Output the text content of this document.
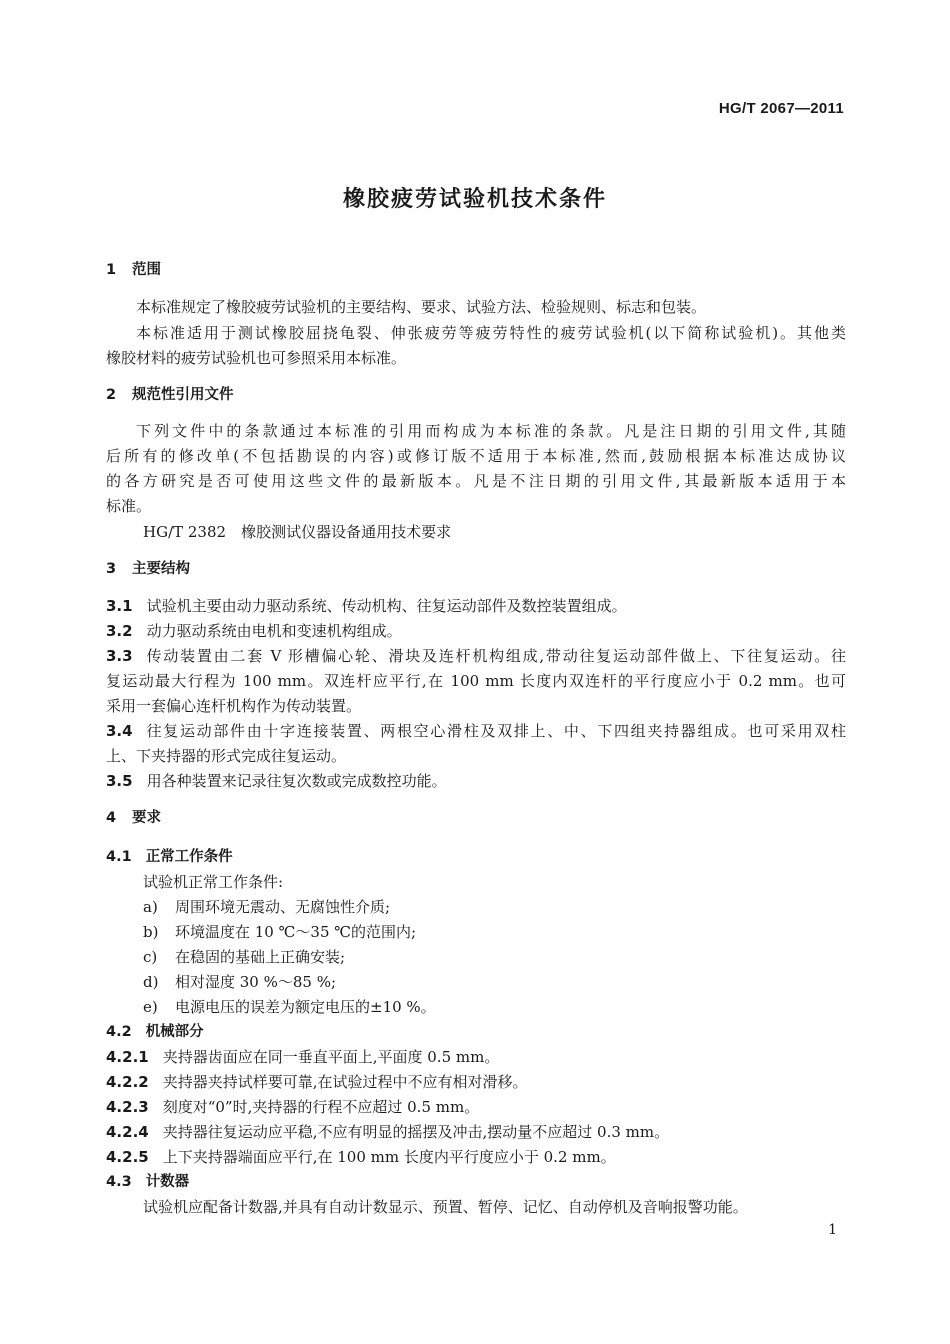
HG/T 2067—2011
橡胶疲劳试验机技术条件
1 范围
本标准规定了橡胶疲劳试验机的主要结构、要求、试验方法、检验规则、标志和包装。
本标准适用于测试橡胶屈挠龟裂、伸张疲劳等疲劳特性的疲劳试验机(以下简称试验机)。其他类
橡胶材料的疲劳试验机也可参照采用本标准。
2 规范性引用文件
下列文件中的条款通过本标准的引用而构成为本标准的条款。凡是注日期的引用文件,其随
后所有的修改单(不包括勘误的内容)或修订版不适用于本标准,然而,鼓励根据本标准达成协议
的各方研究是否可使用这些文件的最新版本。凡是不注日期的引用文件,其最新版本适用于本
标准。
HG/T 2382　橡胶测试仪器设备通用技术要求
3 主要结构
3.1 试验机主要由动力驱动系统、传动机构、往复运动部件及数控装置组成。
3.2 动力驱动系统由电机和变速机构组成。
3.3 传动装置由二套 V 形槽偏心轮、滑块及连杆机构组成,带动往复运动部件做上、下往复运动。往
复运动最大行程为 100 mm。双连杆应平行,在 100 mm 长度内双连杆的平行度应小于 0.2 mm。也可
采用一套偏心连杆机构作为传动装置。
3.4 往复运动部件由十字连接装置、两根空心滑柱及双排上、中、下四组夹持器组成。也可采用双柱
上、下夹持器的形式完成往复运动。
3.5 用各种装置来记录往复次数或完成数控功能。
4 要求
4.1 正常工作条件
试验机正常工作条件:
a) 周围环境无震动、无腐蚀性介质;
b) 环境温度在 10 ℃～35 ℃的范围内;
c) 在稳固的基础上正确安装;
d) 相对湿度 30 %～85 %;
e) 电源电压的误差为额定电压的±10 %。
4.2 机械部分
4.2.1 夹持器齿面应在同一垂直平面上,平面度 0.5 mm。
4.2.2 夹持器夹持试样要可靠,在试验过程中不应有相对滑移。
4.2.3 刻度对“0”时,夹持器的行程不应超过 0.5 mm。
4.2.4 夹持器往复运动应平稳,不应有明显的摇摆及冲击,摆动量不应超过 0.3 mm。
4.2.5 上下夹持器端面应平行,在 100 mm 长度内平行度应小于 0.2 mm。
4.3 计数器
试验机应配备计数器,并具有自动计数显示、预置、暂停、记忆、自动停机及音响报警功能。
1
